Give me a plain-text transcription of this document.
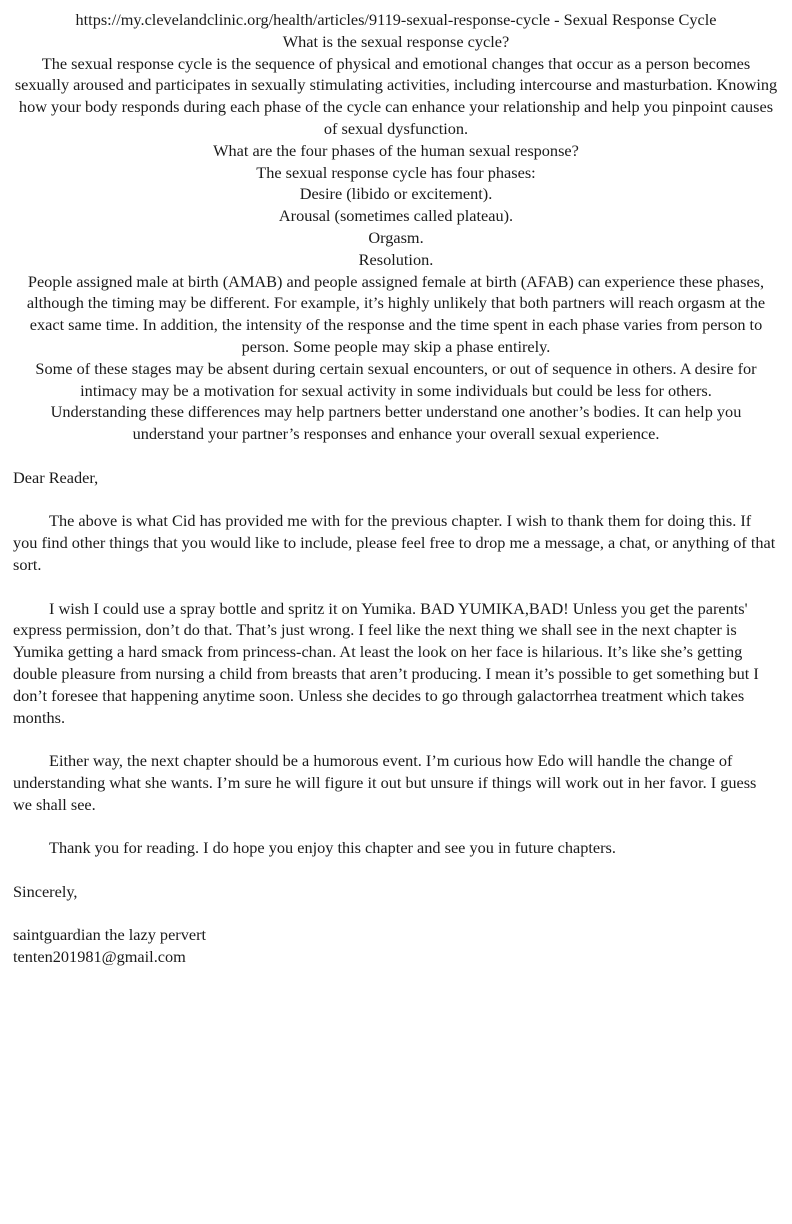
https://my.clevelandclinic.org/health/articles/9119-sexual-response-cycle - Sexual Response Cycle

What is the sexual response cycle?

The sexual response cycle is the sequence of physical and emotional changes that occur as a person becomes sexually aroused and participates in sexually stimulating activities, including intercourse and masturbation. Knowing how your body responds during each phase of the cycle can enhance your relationship and help you pinpoint causes of sexual dysfunction.

What are the four phases of the human sexual response?

The sexual response cycle has four phases:

Desire (libido or excitement).

Arousal (sometimes called plateau).

Orgasm.

Resolution.

People assigned male at birth (AMAB) and people assigned female at birth (AFAB) can experience these phases, although the timing may be different. For example, it’s highly unlikely that both partners will reach orgasm at the exact same time. In addition, the intensity of the response and the time spent in each phase varies from person to person. Some people may skip a phase entirely.

Some of these stages may be absent during certain sexual encounters, or out of sequence in others. A desire for intimacy may be a motivation for sexual activity in some individuals but could be less for others.

Understanding these differences may help partners better understand one another’s bodies. It can help you understand your partner’s responses and enhance your overall sexual experience.

Dear Reader,

The above is what Cid has provided me with for the previous chapter. I wish to thank them for doing this. If you find other things that you would like to include, please feel free to drop me a message, a chat, or anything of that sort.

I wish I could use a spray bottle and spritz it on Yumika. BAD YUMIKA,BAD! Unless you get the parents' express permission, don’t do that. That’s just wrong. I feel like the next thing we shall see in the next chapter is Yumika getting a hard smack from princess-chan. At least the look on her face is hilarious. It’s like she’s getting double pleasure from nursing a child from breasts that aren’t producing. I mean it’s possible to get something but I don’t foresee that happening anytime soon. Unless she decides to go through galactorrhea treatment which takes months.

Either way, the next chapter should be a humorous event. I’m curious how Edo will handle the change of understanding what she wants. I’m sure he will figure it out but unsure if things will work out in her favor. I guess we shall see.

Thank you for reading. I do hope you enjoy this chapter and see you in future chapters.

Sincerely,

saintguardian the lazy pervert

tenten201981@gmail.com
